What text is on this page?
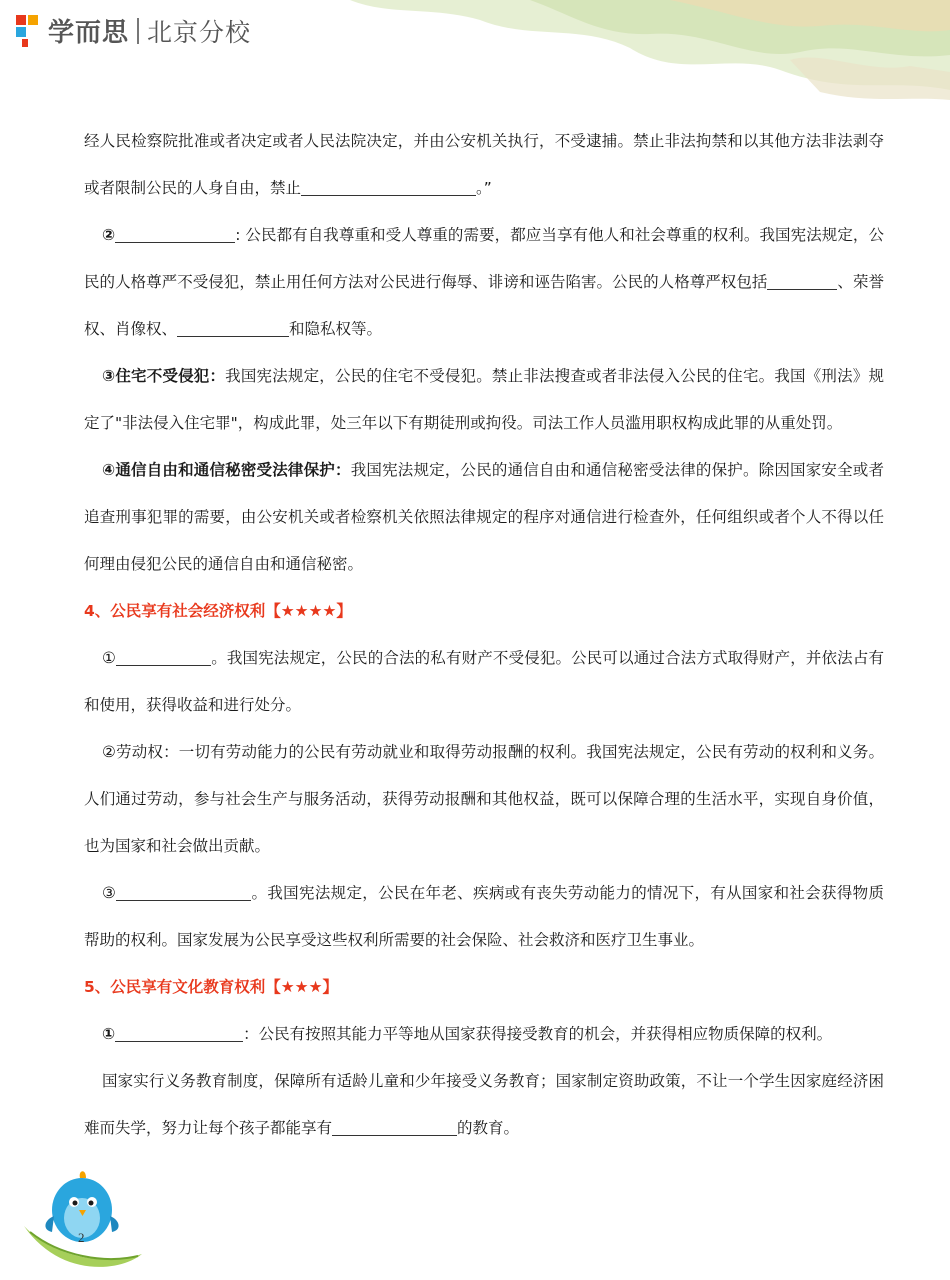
学而思 北京分校

经人民检察院批准或者决定或者人民法院决定，并由公安机关执行，不受逮捕。禁止非法拘禁和以其他方法非法剥夺或者限制公民的人身自由，禁止	。”

②	: 公民都有自我尊重和受人尊重的需要，都应当享有他人和社会尊重的权利。我国宪法规定，公民的人格尊严不受侵犯，禁止用任何方法对公民进行侮辱、诽谤和诬告陷害。公民的人格尊严权包括	、荣誉权、肖像权、	和隐私权等。

③住宅不受侵犯：我国宪法规定，公民的住宅不受侵犯。禁止非法搜查或者非法侵入公民的住宅。我国《刑法》规定了"非法侵入住宅罪"，构成此罪，处三年以下有期徒刑或拘役。司法工作人员滥用职权构成此罪的从重处罚。

④通信自由和通信秘密受法律保护：我国宪法规定，公民的通信自由和通信秘密受法律的保护。除因国家安全或者追查刑事犯罪的需要，由公安机关或者检察机关依照法律规定的程序对通信进行检查外，任何组织或者个人不得以任何理由侵犯公民的通信自由和通信秘密。

4、公民享有社会经济权利【★★★★】

①	。我国宪法规定，公民的合法的私有财产不受侵犯。公民可以通过合法方式取得财产，并依法占有和使用，获得收益和进行处分。

②劳动权：一切有劳动能力的公民有劳动就业和取得劳动报酬的权利。我国宪法规定，公民有劳动的权利和义务。人们通过劳动，参与社会生产与服务活动，获得劳动报酬和其他权益，既可以保障合理的生活水平，实现自身价值，也为国家和社会做出贡献。

③	。我国宪法规定，公民在年老、疾病或有丧失劳动能力的情况下，有从国家和社会获得物质帮助的权利。国家发展为公民享受这些权利所需要的社会保险、社会救济和医疗卫生事业。

5、公民享有文化教育权利【★★★】

①	：公民有按照其能力平等地从国家获得接受教育的机会，并获得相应物质保障的权利。

国家实行义务教育制度，保障所有适龄儿童和少年接受义务教育；国家制定资助政策，不让一个学生因家庭经济困难而失学，努力让每个孩子都能享有	的教育。

2
